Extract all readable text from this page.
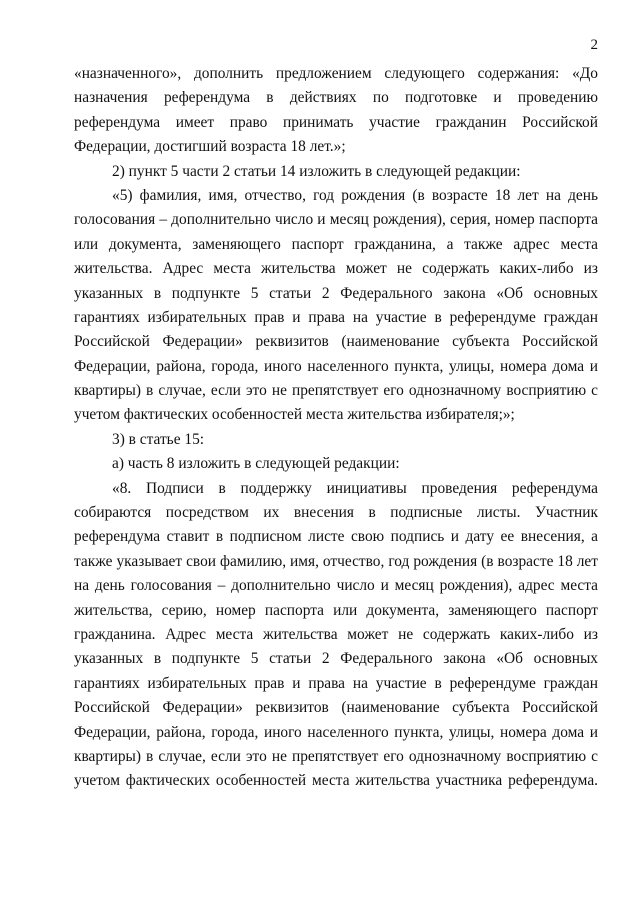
2
«назначенного», дополнить предложением следующего содержания: «До
назначения референдума в действиях по подготовке и проведению
референдума имеет право принимать участие гражданин Российской
Федерации, достигший возраста 18 лет.»;
2) пункт 5 части 2 статьи 14 изложить в следующей редакции:
«5) фамилия, имя, отчество, год рождения (в возрасте 18 лет на день
голосования – дополнительно число и месяц рождения), серия, номер паспорта
или документа, заменяющего паспорт гражданина, а также адрес места
жительства. Адрес места жительства может не содержать каких-либо из
указанных в подпункте 5 статьи 2 Федерального закона «Об основных
гарантиях избирательных прав и права на участие в референдуме граждан
Российской Федерации» реквизитов (наименование субъекта Российской
Федерации, района, города, иного населенного пункта, улицы, номера дома и
квартиры) в случае, если это не препятствует его однозначному восприятию с
учетом фактических особенностей места жительства избирателя;»;
3) в статье 15:
а) часть 8 изложить в следующей редакции:
«8. Подписи в поддержку инициативы проведения референдума
собираются посредством их внесения в подписные листы. Участник
референдума ставит в подписном листе свою подпись и дату ее внесения, а
также указывает свои фамилию, имя, отчество, год рождения (в возрасте 18 лет
на день голосования – дополнительно число и месяц рождения), адрес места
жительства, серию, номер паспорта или документа, заменяющего паспорт
гражданина. Адрес места жительства может не содержать каких-либо из
указанных в подпункте 5 статьи 2 Федерального закона «Об основных
гарантиях избирательных прав и права на участие в референдуме граждан
Российской Федерации» реквизитов (наименование субъекта Российской
Федерации, района, города, иного населенного пункта, улицы, номера дома и
квартиры) в случае, если это не препятствует его однозначному восприятию с
учетом фактических особенностей места жительства участника референдума.
